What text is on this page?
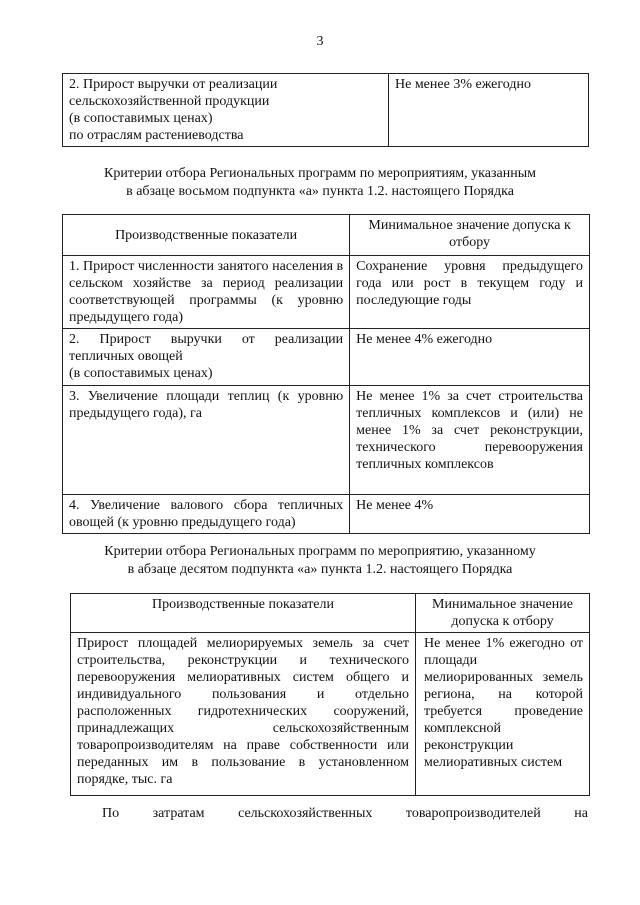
3
2. Прирост выручки от реализации
сельскохозяйственной продукции
(в сопоставимых ценах)
по отраслям растениеводства
	Не менее 3% ежегодно
Критерии отбора Региональных программ по мероприятиям, указанным
в абзаце восьмом подпункта «а» пункта 1.2. настоящего Порядка
Производственные показатели	Минимальное значение допуска к отбору
1. Прирост численности занятого населения в сельском хозяйстве за период реализации соответствующей программы (к уровню предыдущего года)	Сохранение уровня предыдущего года или рост в текущем году и последующие годы

2. Прирост выручки от реализации тепличных овощей
(в сопоставимых ценах)	Не менее 4% ежегодно
3. Увеличение площади теплиц (к уровню предыдущего года), га	Не менее 1% за счет строительства тепличных комплексов и (или) не менее 1% за счет реконструкции, технического перевооружения тепличных комплексов
4. Увеличение валового сбора тепличных овощей (к уровню предыдущего года)	Не менее 4%
Критерии отбора Региональных программ по мероприятию, указанному
в абзаце десятом подпункта «а» пункта 1.2. настоящего Порядка
Производственные показатели	Минимальное значение допуска к отбору
Прирост площадей мелиорируемых земель за счет строительства, реконструкции и технического перевооружения мелиоративных систем общего и индивидуального пользования и отдельно расположенных гидротехнических сооружений, принадлежащих сельскохозяйственным товаропроизводителям на праве собственности или переданных им в пользование в установленном порядке, тыс. га	Не менее 1% ежегодно от площади мелиорированных земель региона, на которой требуется проведение комплексной реконструкции мелиоративных систем
По затратам сельскохозяйственных товаропроизводителей на
